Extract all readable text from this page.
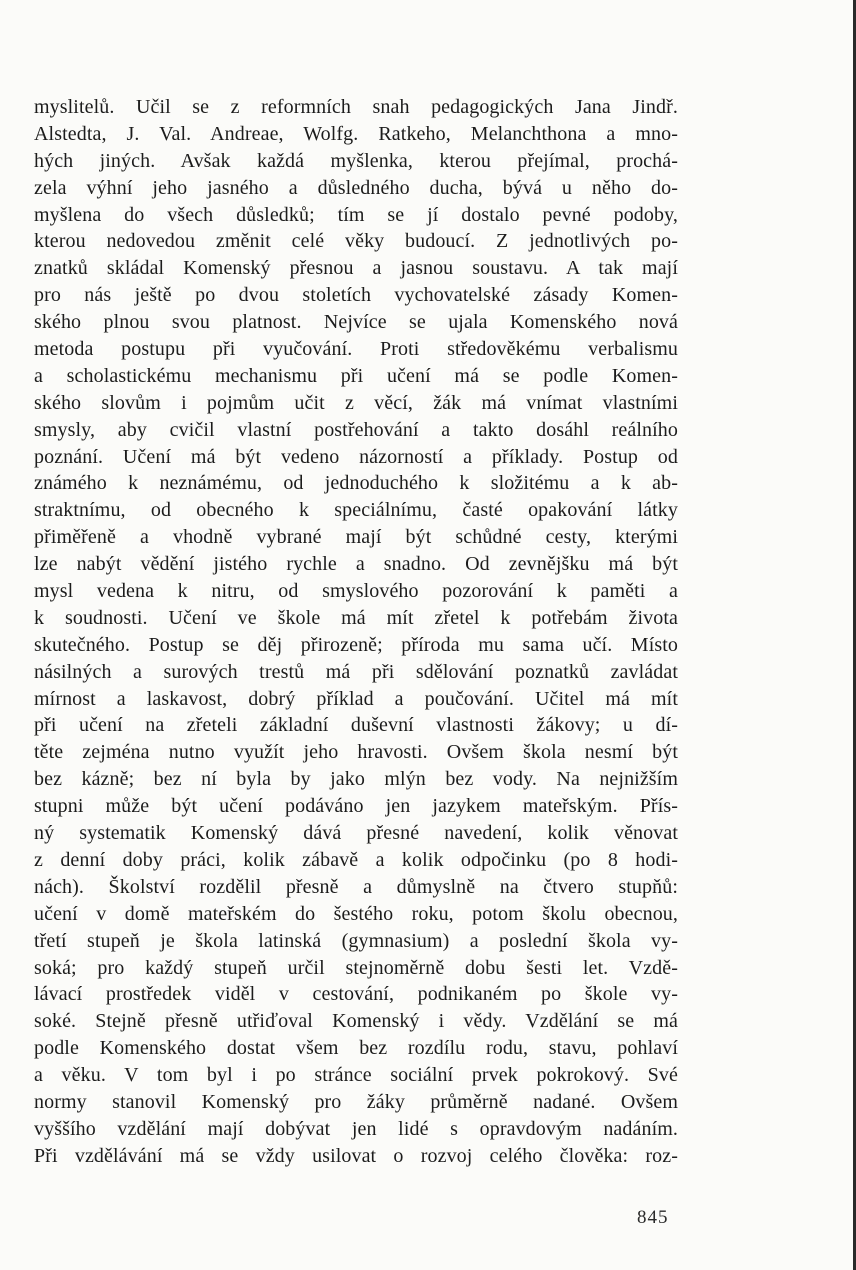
myslitelů. Učil se z reformních snah pedagogických Jana Jindř.
Alstedta, J. Val. Andreae, Wolfg. Ratkeho, Melanchthona a mno-
hých jiných. Avšak každá myšlenka, kterou přejímal, prochá-
zela výhní jeho jasného a důsledného ducha, bývá u něho do-
myšlena do všech důsledků; tím se jí dostalo pevné podoby,
kterou nedovedou změnit celé věky budoucí. Z jednotlivých po-
znatků skládal Komenský přesnou a jasnou soustavu. A tak mají
pro nás ještě po dvou stoletích vychovatelské zásady Komen-
ského plnou svou platnost. Nejvíce se ujala Komenského nová
metoda postupu při vyučování. Proti středověkému verbalismu
a scholastickému mechanismu při učení má se podle Komen-
ského slovům i pojmům učit z věcí, žák má vnímat vlastními
smysly, aby cvičil vlastní postřehování a takto dosáhl reálního
poznání. Učení má být vedeno názorností a příklady. Postup od
známého k neznámému, od jednoduchého k složitému a k ab-
straktnímu, od obecného k speciálnímu, časté opakování látky
přiměřeně a vhodně vybrané mají být schůdné cesty, kterými
lze nabýt vědění jistého rychle a snadno. Od zevnějšku má být
mysl vedena k nitru, od smyslového pozorování k paměti a
k soudnosti. Učení ve škole má mít zřetel k potřebám života
skutečného. Postup se děj přirozeně; příroda mu sama učí. Místo
násilných a surových trestů má při sdělování poznatků zavládat
mírnost a laskavost, dobrý příklad a poučování. Učitel má mít
při učení na zřeteli základní duševní vlastnosti žákovy; u dí-
těte zejména nutno využít jeho hravosti. Ovšem škola nesmí být
bez kázně; bez ní byla by jako mlýn bez vody. Na nejnižším
stupni může být učení podáváno jen jazykem mateřským. Přís-
ný systematik Komenský dává přesné navedení, kolik věnovat
z denní doby práci, kolik zábavě a kolik odpočinku (po 8 hodi-
nách). Školství rozdělil přesně a důmyslně na čtvero stupňů:
učení v domě mateřském do šestého roku, potom školu obecnou,
třetí stupeň je škola latinská (gymnasium) a poslední škola vy-
soká; pro každý stupeň určil stejnoměrně dobu šesti let. Vzdě-
lávací prostředek viděl v cestování, podnikaném po škole vy-
soké. Stejně přesně utřiďoval Komenský i vědy. Vzdělání se má
podle Komenského dostat všem bez rozdílu rodu, stavu, pohlaví
a věku. V tom byl i po stránce sociální prvek pokrokový. Své
normy stanovil Komenský pro žáky průměrně nadané. Ovšem
vyššího vzdělání mají dobývat jen lidé s opravdovým nadáním.
Při vzdělávání má se vždy usilovat o rozvoj celého člověka: roz-
845
